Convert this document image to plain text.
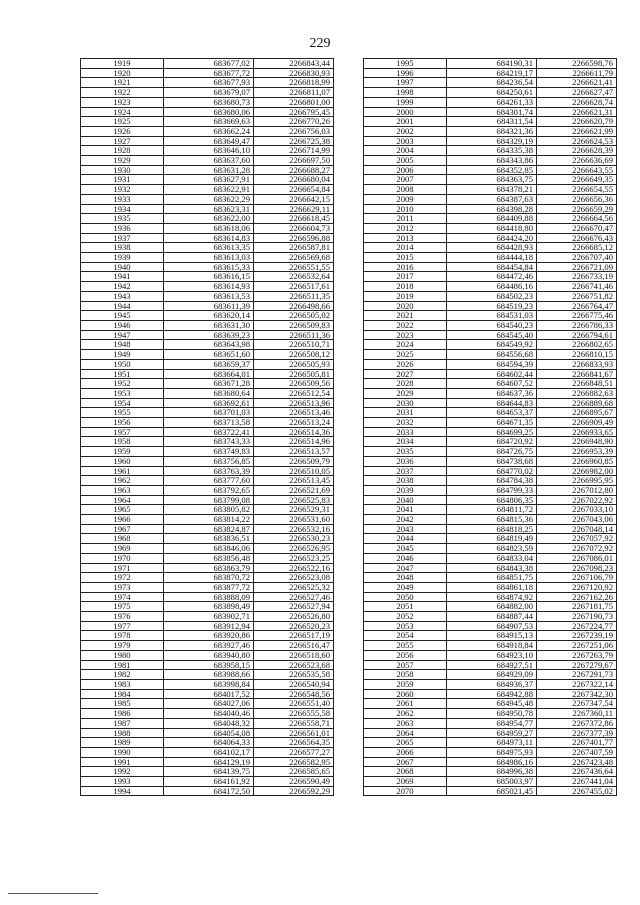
229
1919	683677,02	2266843,44
1920	683677,72	2266830,93
1921	683677,93	2266818,99
1922	683679,07	2266811,07
1923	683680,73	2266801,00
1924	683680,06	2266795,45
1925	683669,63	2266770,26
1926	683662,24	2266756,03
1927	683649,47	2266725,38
1928	683646,10	2266714,99
1929	683637,60	2266697,50
1930	683631,28	2266688,27
1931	683627,91	2266680,04
1932	683622,91	2266654,84
1933	683622,29	2266642,15
1934	683623,31	2266629,11
1935	683622,00	2266618,45
1936	683618,06	2266604,73
1937	683614,83	2266596,88
1938	683613,35	2266587,81
1939	683613,03	2266569,68
1940	683615,33	2266551,55
1941	683616,15	2266532,64
1942	683614,93	2266517,61
1943	683613,53	2266511,35
1944	683611,39	2266498,66
1945	683620,14	2266505,02
1946	683631,30	2266509,83
1947	683639,23	2266511,36
1948	683643,98	2266510,71
1949	683651,60	2266508,12
1950	683659,37	2266505,93
1951	683664,01	2266505,81
1952	683671,28	2266509,56
1953	683680,64	2266512,54
1954	683692,61	2266513,96
1955	683701,03	2266513,46
1956	683713,58	2266513,24
1957	683722,41	2266514,36
1958	683743,33	2266514,96
1959	683749,83	2266513,57
1960	683756,85	2266509,79
1961	683763,39	2266510,05
1962	683777,60	2266513,45
1963	683792,65	2266521,69
1964	683799,08	2266525,83
1965	683805,82	2266529,31
1966	683814,22	2266531,60
1967	683824,87	2266532,16
1968	683836,51	2266530,23
1969	683846,06	2266526,95
1970	683856,48	2266523,25
1971	683863,79	2266522,16
1972	683870,72	2266523,08
1973	683877,72	2266525,32
1974	683888,09	2266527,46
1975	683898,49	2266527,94
1976	683902,71	2266526,80
1977	683912,94	2266520,23
1978	683920,86	2266517,19
1979	683927,46	2266516,47
1980	683940,80	2266518,60
1981	683958,15	2266523,68
1982	683988,66	2266535,58
1983	683998,84	2266540,94
1984	684017,52	2266548,56
1985	684027,06	2266551,40
1986	684040,46	2266555,58
1987	684048,32	2266558,71
1988	684054,08	2266561,01
1989	684064,33	2266564,35
1990	684102,17	2266577,27
1991	684129,19	2266582,95
1992	684139,75	2266585,65
1993	684161,92	2266590,49
1994	684172,50	2266592,29
1995	684190,31	2266598,76
1996	684219,17	2266611,79
1997	684236,54	2266621,41
1998	684250,61	2266627,47
1999	684261,33	2266628,74
2000	684301,74	2266621,31
2001	684311,54	2266620,79
2002	684321,36	2266621,99
2003	684329,19	2266624,53
2004	684335,38	2266628,39
2005	684343,86	2266636,69
2006	684352,85	2266643,55
2007	684363,75	2266649,35
2008	684378,21	2266654,55
2009	684387,63	2266656,36
2010	684398,28	2266659,29
2011	684409,88	2266664,56
2012	684418,80	2266670,47
2013	684424,20	2266676,43
2014	684428,93	2266685,12
2015	684444,18	2266707,40
2016	684454,84	2266721,09
2017	684472,46	2266733,19
2018	684486,16	2266741,46
2019	684502,23	2266751,82
2020	684519,23	2266764,47
2021	684531,03	2266775,46
2022	684540,23	2266786,33
2023	684545,40	2266794,61
2024	684549,92	2266802,65
2025	684556,68	2266810,15
2026	684594,39	2266833,93
2027	684602,44	2266841,67
2028	684607,52	2266848,51
2029	684637,36	2266882,63
2030	684644,83	2266889,68
2031	684653,37	2266895,67
2032	684671,35	2266909,49
2033	684699,25	2266933,65
2034	684720,92	2266948,90
2035	684726,75	2266953,39
2036	684738,68	2266960,85
2037	684770,02	2266982,00
2038	684784,38	2266995,95
2039	684799,33	2267012,80
2040	684806,35	2267022,92
2041	684811,72	2267033,10
2042	684815,36	2267043,06
2043	684818,25	2267048,14
2044	684819,49	2267057,92
2045	684823,59	2267072,92
2046	684833,04	2267086,01
2047	684843,38	2267098,23
2048	684851,75	2267106,79
2049	684861,18	2267120,92
2050	684874,92	2267162,26
2051	684882,00	2267181,75
2052	684887,44	2267190,73
2053	684907,53	2267224,77
2054	684915,13	2267239,19
2055	684918,84	2267251,06
2056	684923,10	2267263,79
2057	684927,51	2267279,67
2058	684929,09	2267291,73
2059	684936,37	2267322,14
2060	684942,88	2267342,30
2061	684945,48	2267347,54
2062	684950,78	2267360,11
2063	684954,77	2267372,86
2064	684959,27	2267377,39
2065	684973,11	2267401,77
2066	684975,93	2267407,59
2067	684986,16	2267423,48
2068	684996,38	2267436,64
2069	685003,97	2267441,04
2070	685021,45	2267455,02
